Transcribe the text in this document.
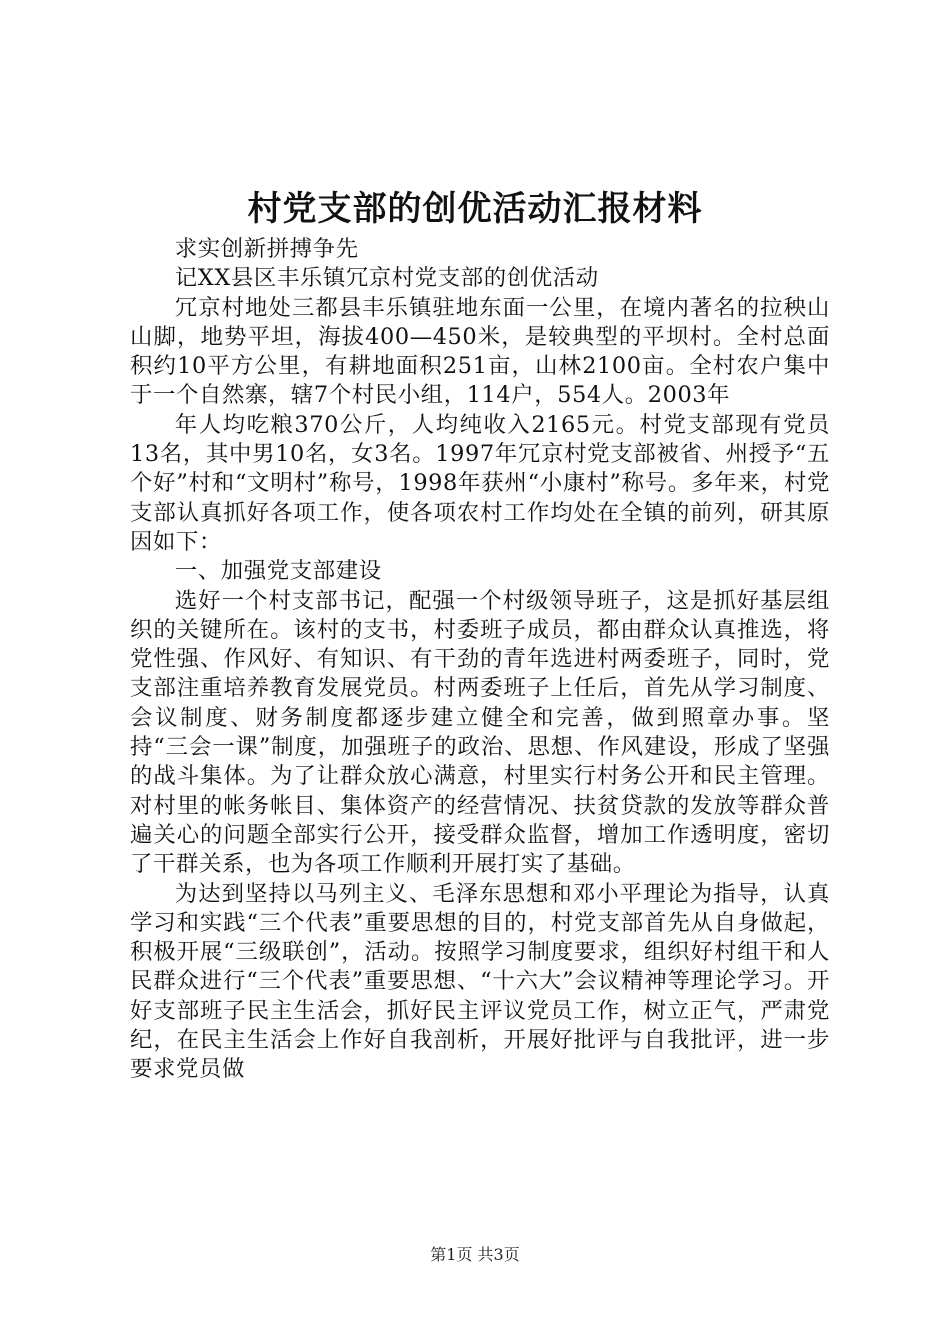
村党支部的创优活动汇报材料

求实创新拼搏争先

记XX县区丰乐镇冗京村党支部的创优活动

冗京村地处三都县丰乐镇驻地东面一公里，在境内著名的拉秧山山脚，地势平坦，海拔400—450米，是较典型的平坝村。全村总面积约10平方公里，有耕地面积251亩，山林2100亩。全村农户集中于一个自然寨，辖7个村民小组，114户，554人。2003年

年人均吃粮370公斤，人均纯收入2165元。村党支部现有党员13名，其中男10名，女3名。1997年冗京村党支部被省、州授予“五个好”村和“文明村”称号，1998年获州“小康村”称号。多年来，村党支部认真抓好各项工作，使各项农村工作均处在全镇的前列，研其原因如下：

一、加强党支部建设

选好一个村支部书记，配强一个村级领导班子，这是抓好基层组织的关键所在。该村的支书，村委班子成员，都由群众认真推选，将党性强、作风好、有知识、有干劲的青年选进村两委班子，同时，党支部注重培养教育发展党员。村两委班子上任后，首先从学习制度、会议制度、财务制度都逐步建立健全和完善，做到照章办事。坚持“三会一课”制度，加强班子的政治、思想、作风建设，形成了坚强的战斗集体。为了让群众放心满意，村里实行村务公开和民主管理。对村里的帐务帐目、集体资产的经营情况、扶贫贷款的发放等群众普遍关心的问题全部实行公开，接受群众监督，增加工作透明度，密切了干群关系，也为各项工作顺利开展打实了基础。

为达到坚持以马列主义、毛泽东思想和邓小平理论为指导，认真学习和实践“三个代表”重要思想的目的，村党支部首先从自身做起，积极开展“三级联创”，活动。按照学习制度要求，组织好村组干和人民群众进行“三个代表”重要思想、“十六大”会议精神等理论学习。开好支部班子民主生活会，抓好民主评议党员工作，树立正气，严肃党纪，在民主生活会上作好自我剖析，开展好批评与自我批评，进一步要求党员做

第1页 共3页
